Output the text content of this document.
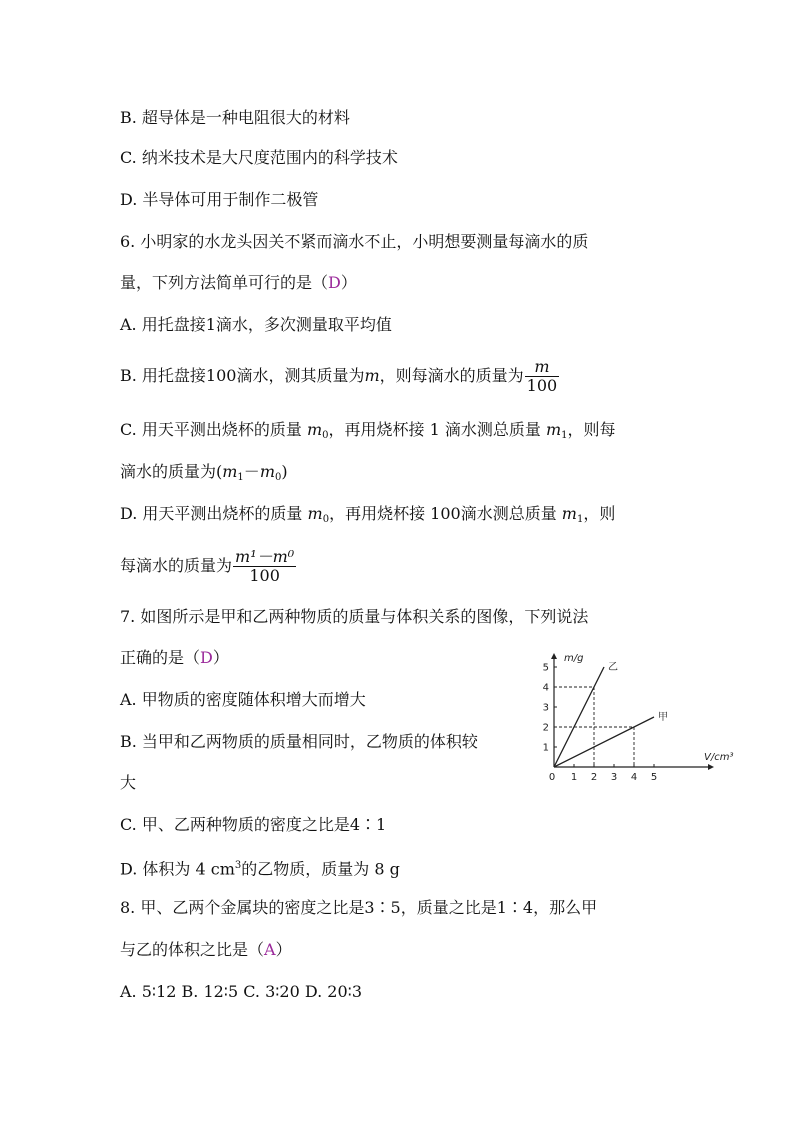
B. 超导体是一种电阻很大的材料
C. 纳米技术是大尺度范围内的科学技术
D. 半导体可用于制作二极管
6. 小明家的水龙头因关不紧而滴水不止，小明想要测量每滴水的质
量，下列方法简单可行的是（D）
A. 用托盘接1滴水，多次测量取平均值
B. 用托盘接100滴水，测其质量为m，则每滴水的质量为 $\frac{m}{100}$
C. 用天平测出烧杯的质量 $m_0$，再用烧杯接 1 滴水测总质量 $m_1$，则每
滴水的质量为$(m_1-m_0)$
D. 用天平测出烧杯的质量 $m_0$，再用烧杯接 100滴水测总质量 $m_1$，则
每滴水的质量为 $\frac{\text{m¹－m⁰}}{100}$
7. 如图所示是甲和乙两种物质的质量与体积关系的图像，下列说法
正确的是（D）
A. 甲物质的密度随体积增大而增大
B. 当甲和乙两物质的质量相同时，乙物质的体积较
大
C. 甲、乙两种物质的密度之比是4∶1
D. 体积为 4 $cm^3$的乙物质，质量为 8 g
8. 甲、乙两个金属块的密度之比是3∶5，质量之比是1∶4，那么甲
与乙的体积之比是（A）
A. 5∶12 B. 12∶5 C. 3∶20 D. 20∶3
1 2 3 4 5
1
2
3
4
5
0
m/g
V/cm³
乙
甲
